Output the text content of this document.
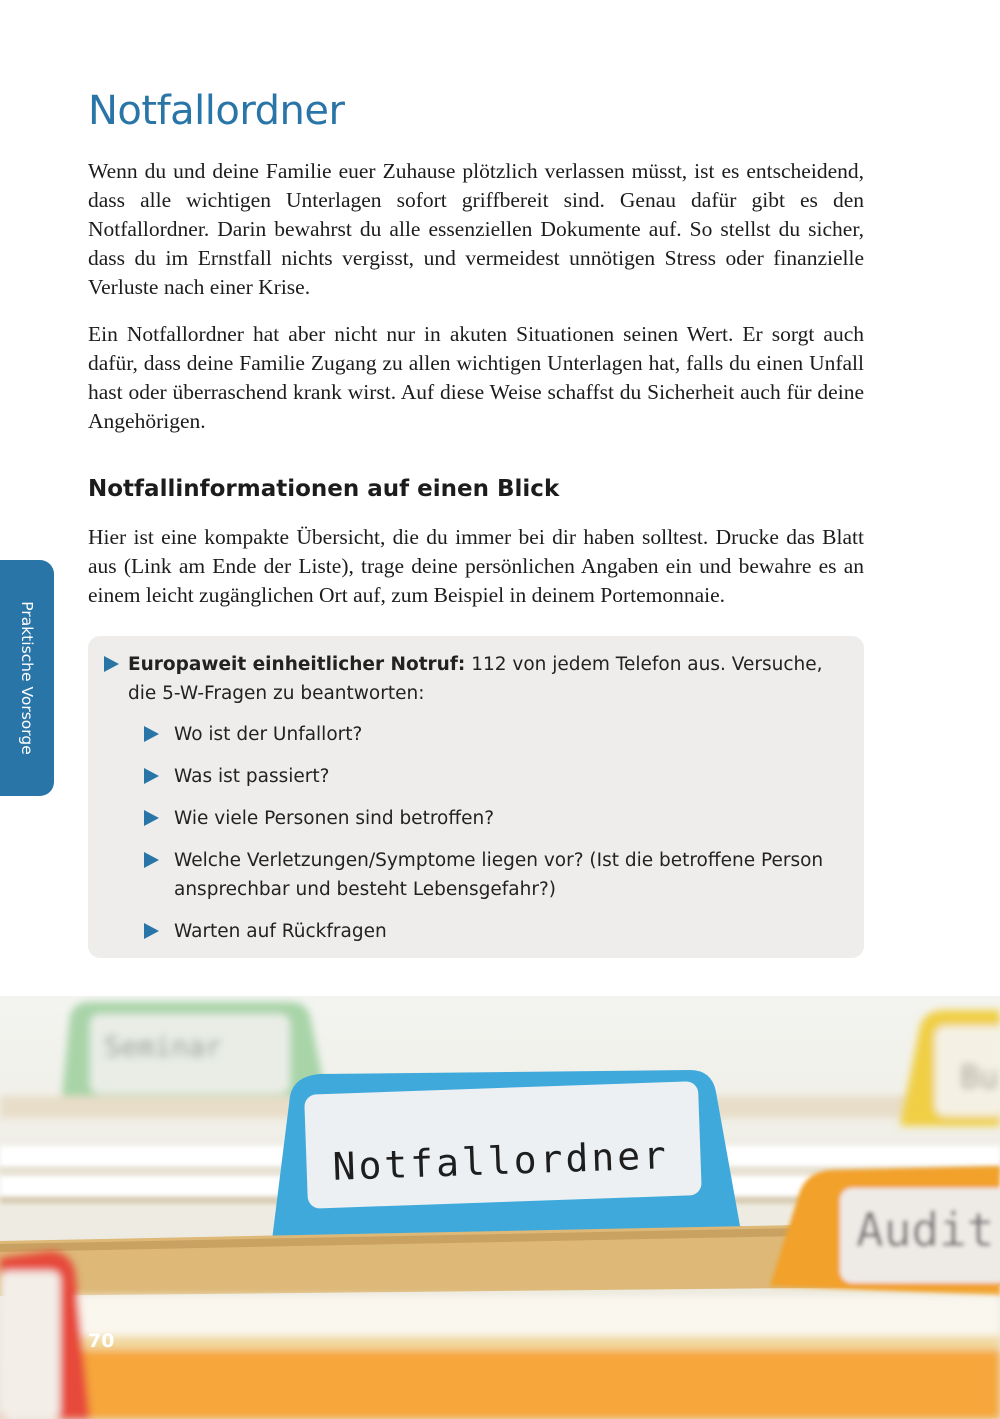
Notfallordner

Wenn du und deine Familie euer Zuhause plötzlich verlassen müsst, ist es entscheidend, dass alle wichtigen Unterlagen sofort griffbereit sind. Genau dafür gibt es den Notfallordner. Darin bewahrst du alle essenziellen Dokumente auf. So stellst du sicher, dass du im Ernstfall nichts vergisst, und vermeidest unnötigen Stress oder finanzielle Verluste nach einer Krise.

Ein Notfallordner hat aber nicht nur in akuten Situationen seinen Wert. Er sorgt auch dafür, dass deine Familie Zugang zu allen wichtigen Unterlagen hat, falls du einen Unfall hast oder überraschend krank wirst. Auf diese Weise schaffst du Sicherheit auch für deine Angehörigen.

Notfallinformationen auf einen Blick

Hier ist eine kompakte Übersicht, die du immer bei dir haben solltest. Drucke das Blatt aus (Link am Ende der Liste), trage deine persönlichen Angaben ein und bewahre es an einem leicht zugänglichen Ort auf, zum Beispiel in deinem Portemonnaie.

Praktische Vorsorge	Europaweit einheitlicher Notruf: 112 von jedem Telefon aus. Versuche, die 5-W-Fragen zu beantworten:
Wo ist der Unfallort?
Was ist passiert?
Wie viele Personen sind betroffen?
Welche Verletzungen/Symptome liegen vor? (Ist die betroffene Person ansprechbar und besteht Lebensgefahr?)
Warten auf Rückfragen
Seminar
Bu
Notfallordner
Audit
70
